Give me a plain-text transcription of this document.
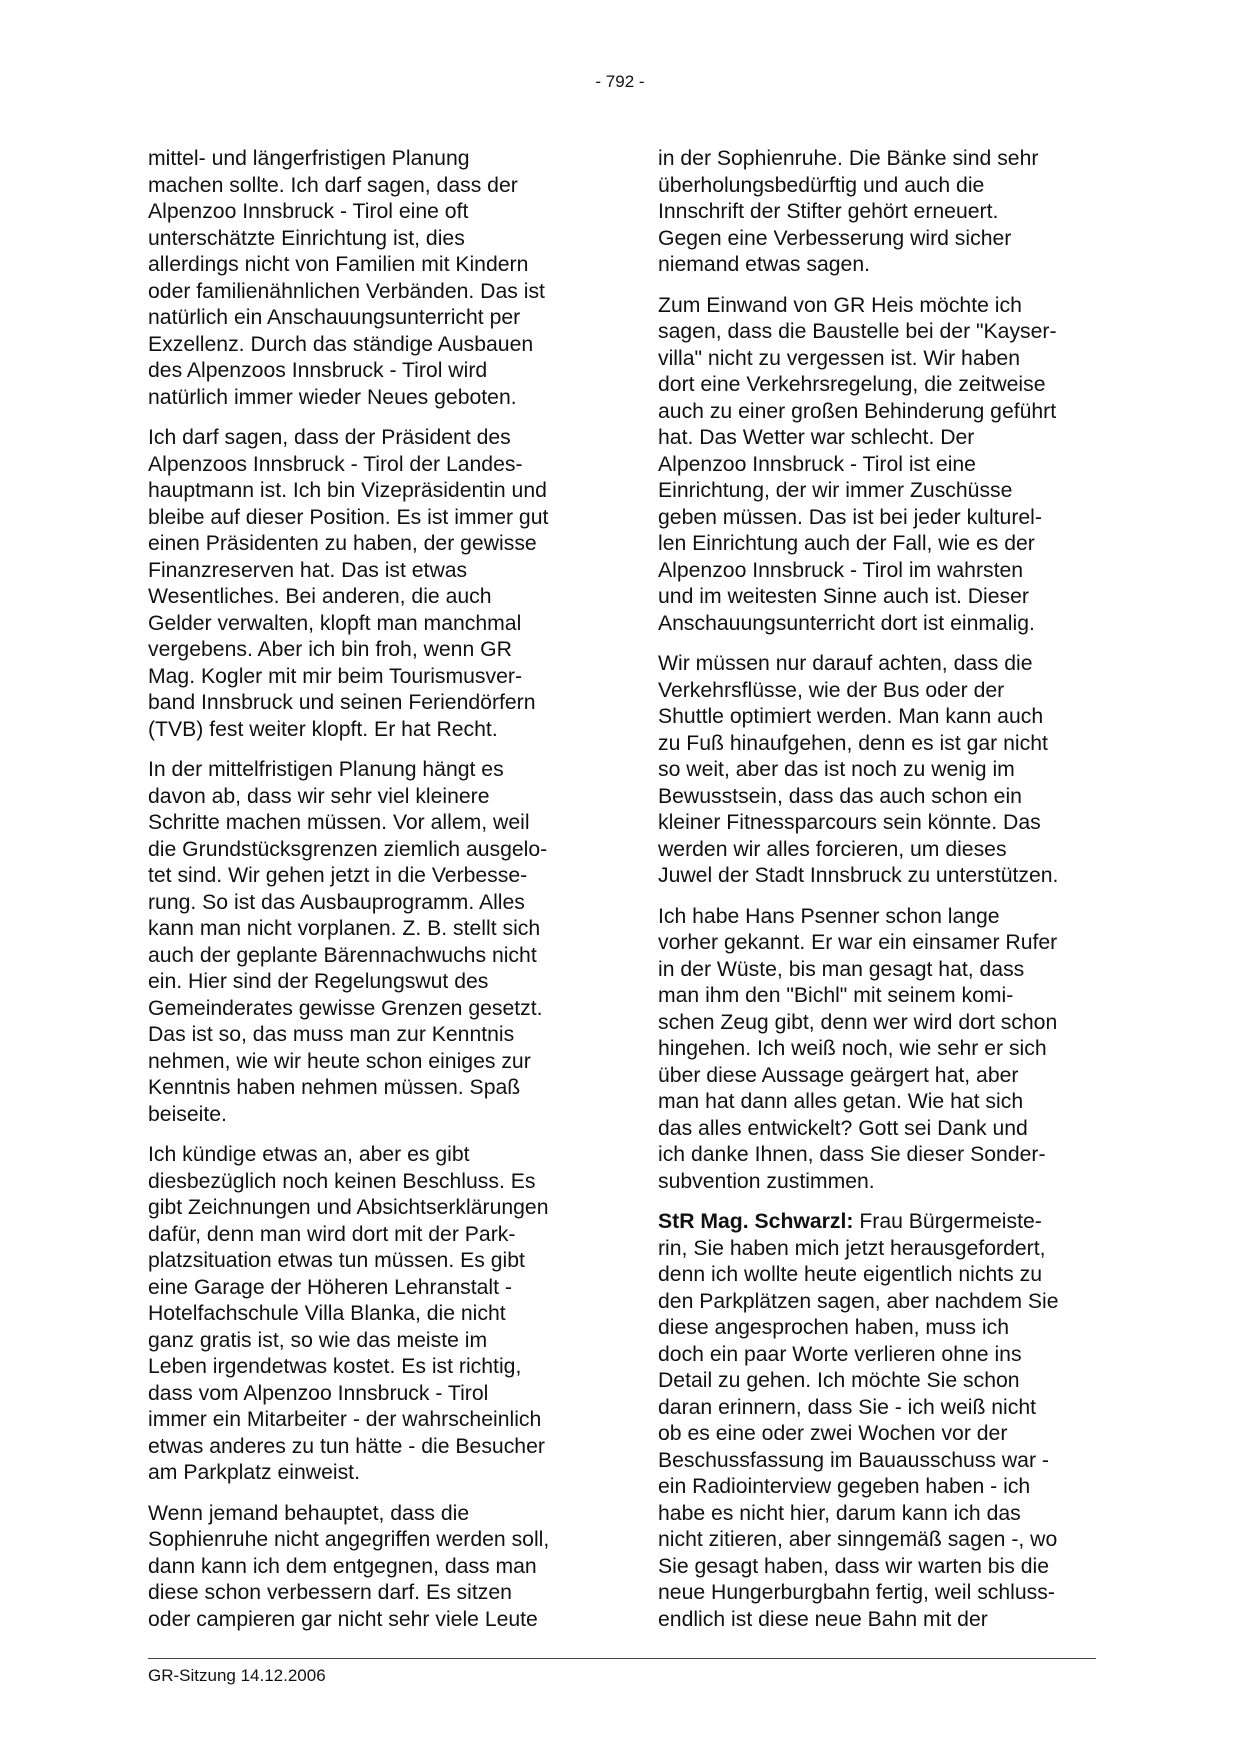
- 792 -

mittel- und längerfristigen Planung
machen sollte. Ich darf sagen, dass der
Alpenzoo Innsbruck - Tirol eine oft
unterschätzte Einrichtung ist, dies
allerdings nicht von Familien mit Kindern
oder familienähnlichen Verbänden. Das ist
natürlich ein Anschauungsunterricht per
Exzellenz. Durch das ständige Ausbauen
des Alpenzoos Innsbruck - Tirol wird
natürlich immer wieder Neues geboten.

Ich darf sagen, dass der Präsident des
Alpenzoos Innsbruck - Tirol der Landes-
hauptmann ist. Ich bin Vizepräsidentin und
bleibe auf dieser Position. Es ist immer gut
einen Präsidenten zu haben, der gewisse
Finanzreserven hat. Das ist etwas
Wesentliches. Bei anderen, die auch
Gelder verwalten, klopft man manchmal
vergebens. Aber ich bin froh, wenn GR
Mag. Kogler mit mir beim Tourismusver-
band Innsbruck und seinen Feriendörfern
(TVB) fest weiter klopft. Er hat Recht.

In der mittelfristigen Planung hängt es
davon ab, dass wir sehr viel kleinere
Schritte machen müssen. Vor allem, weil
die Grundstücksgrenzen ziemlich ausgelo-
tet sind. Wir gehen jetzt in die Verbesse-
rung. So ist das Ausbauprogramm. Alles
kann man nicht vorplanen. Z. B. stellt sich
auch der geplante Bärennachwuchs nicht
ein. Hier sind der Regelungswut des
Gemeinderates gewisse Grenzen gesetzt.
Das ist so, das muss man zur Kenntnis
nehmen, wie wir heute schon einiges zur
Kenntnis haben nehmen müssen. Spaß
beiseite.

Ich kündige etwas an, aber es gibt
diesbezüglich noch keinen Beschluss. Es
gibt Zeichnungen und Absichtserklärungen
dafür, denn man wird dort mit der Park-
platzsituation etwas tun müssen. Es gibt
eine Garage der Höheren Lehranstalt -
Hotelfachschule Villa Blanka, die nicht
ganz gratis ist, so wie das meiste im
Leben irgendetwas kostet. Es ist richtig,
dass vom Alpenzoo Innsbruck - Tirol
immer ein Mitarbeiter - der wahrscheinlich
etwas anderes zu tun hätte - die Besucher
am Parkplatz einweist.

Wenn jemand behauptet, dass die
Sophienruhe nicht angegriffen werden soll,
dann kann ich dem entgegnen, dass man
diese schon verbessern darf. Es sitzen
oder campieren gar nicht sehr viele Leute

in der Sophienruhe. Die Bänke sind sehr
überholungsbedürftig und auch die
Innschrift der Stifter gehört erneuert.
Gegen eine Verbesserung wird sicher
niemand etwas sagen.

Zum Einwand von GR Heis möchte ich
sagen, dass die Baustelle bei der "Kayser-
villa" nicht zu vergessen ist. Wir haben
dort eine Verkehrsregelung, die zeitweise
auch zu einer großen Behinderung geführt
hat. Das Wetter war schlecht. Der
Alpenzoo Innsbruck - Tirol ist eine
Einrichtung, der wir immer Zuschüsse
geben müssen. Das ist bei jeder kulturel-
len Einrichtung auch der Fall, wie es der
Alpenzoo Innsbruck - Tirol im wahrsten
und im weitesten Sinne auch ist. Dieser
Anschauungsunterricht dort ist einmalig.

Wir müssen nur darauf achten, dass die
Verkehrsflüsse, wie der Bus oder der
Shuttle optimiert werden. Man kann auch
zu Fuß hinaufgehen, denn es ist gar nicht
so weit, aber das ist noch zu wenig im
Bewusstsein, dass das auch schon ein
kleiner Fitnessparcours sein könnte. Das
werden wir alles forcieren, um dieses
Juwel der Stadt Innsbruck zu unterstützen.

Ich habe Hans Psenner schon lange
vorher gekannt. Er war ein einsamer Rufer
in der Wüste, bis man gesagt hat, dass
man ihm den "Bichl" mit seinem komi-
schen Zeug gibt, denn wer wird dort schon
hingehen. Ich weiß noch, wie sehr er sich
über diese Aussage geärgert hat, aber
man hat dann alles getan. Wie hat sich
das alles entwickelt? Gott sei Dank und
ich danke Ihnen, dass Sie dieser Sonder-
subvention zustimmen.

StR Mag. Schwarzl: Frau Bürgermeiste-
rin, Sie haben mich jetzt herausgefordert,
denn ich wollte heute eigentlich nichts zu
den Parkplätzen sagen, aber nachdem Sie
diese angesprochen haben, muss ich
doch ein paar Worte verlieren ohne ins
Detail zu gehen. Ich möchte Sie schon
daran erinnern, dass Sie - ich weiß nicht
ob es eine oder zwei Wochen vor der
Beschussfassung im Bauausschuss war -
ein Radiointerview gegeben haben - ich
habe es nicht hier, darum kann ich das
nicht zitieren, aber sinngemäß sagen -, wo
Sie gesagt haben, dass wir warten bis die
neue Hungerburgbahn fertig, weil schluss-
endlich ist diese neue Bahn mit der

GR-Sitzung 14.12.2006
